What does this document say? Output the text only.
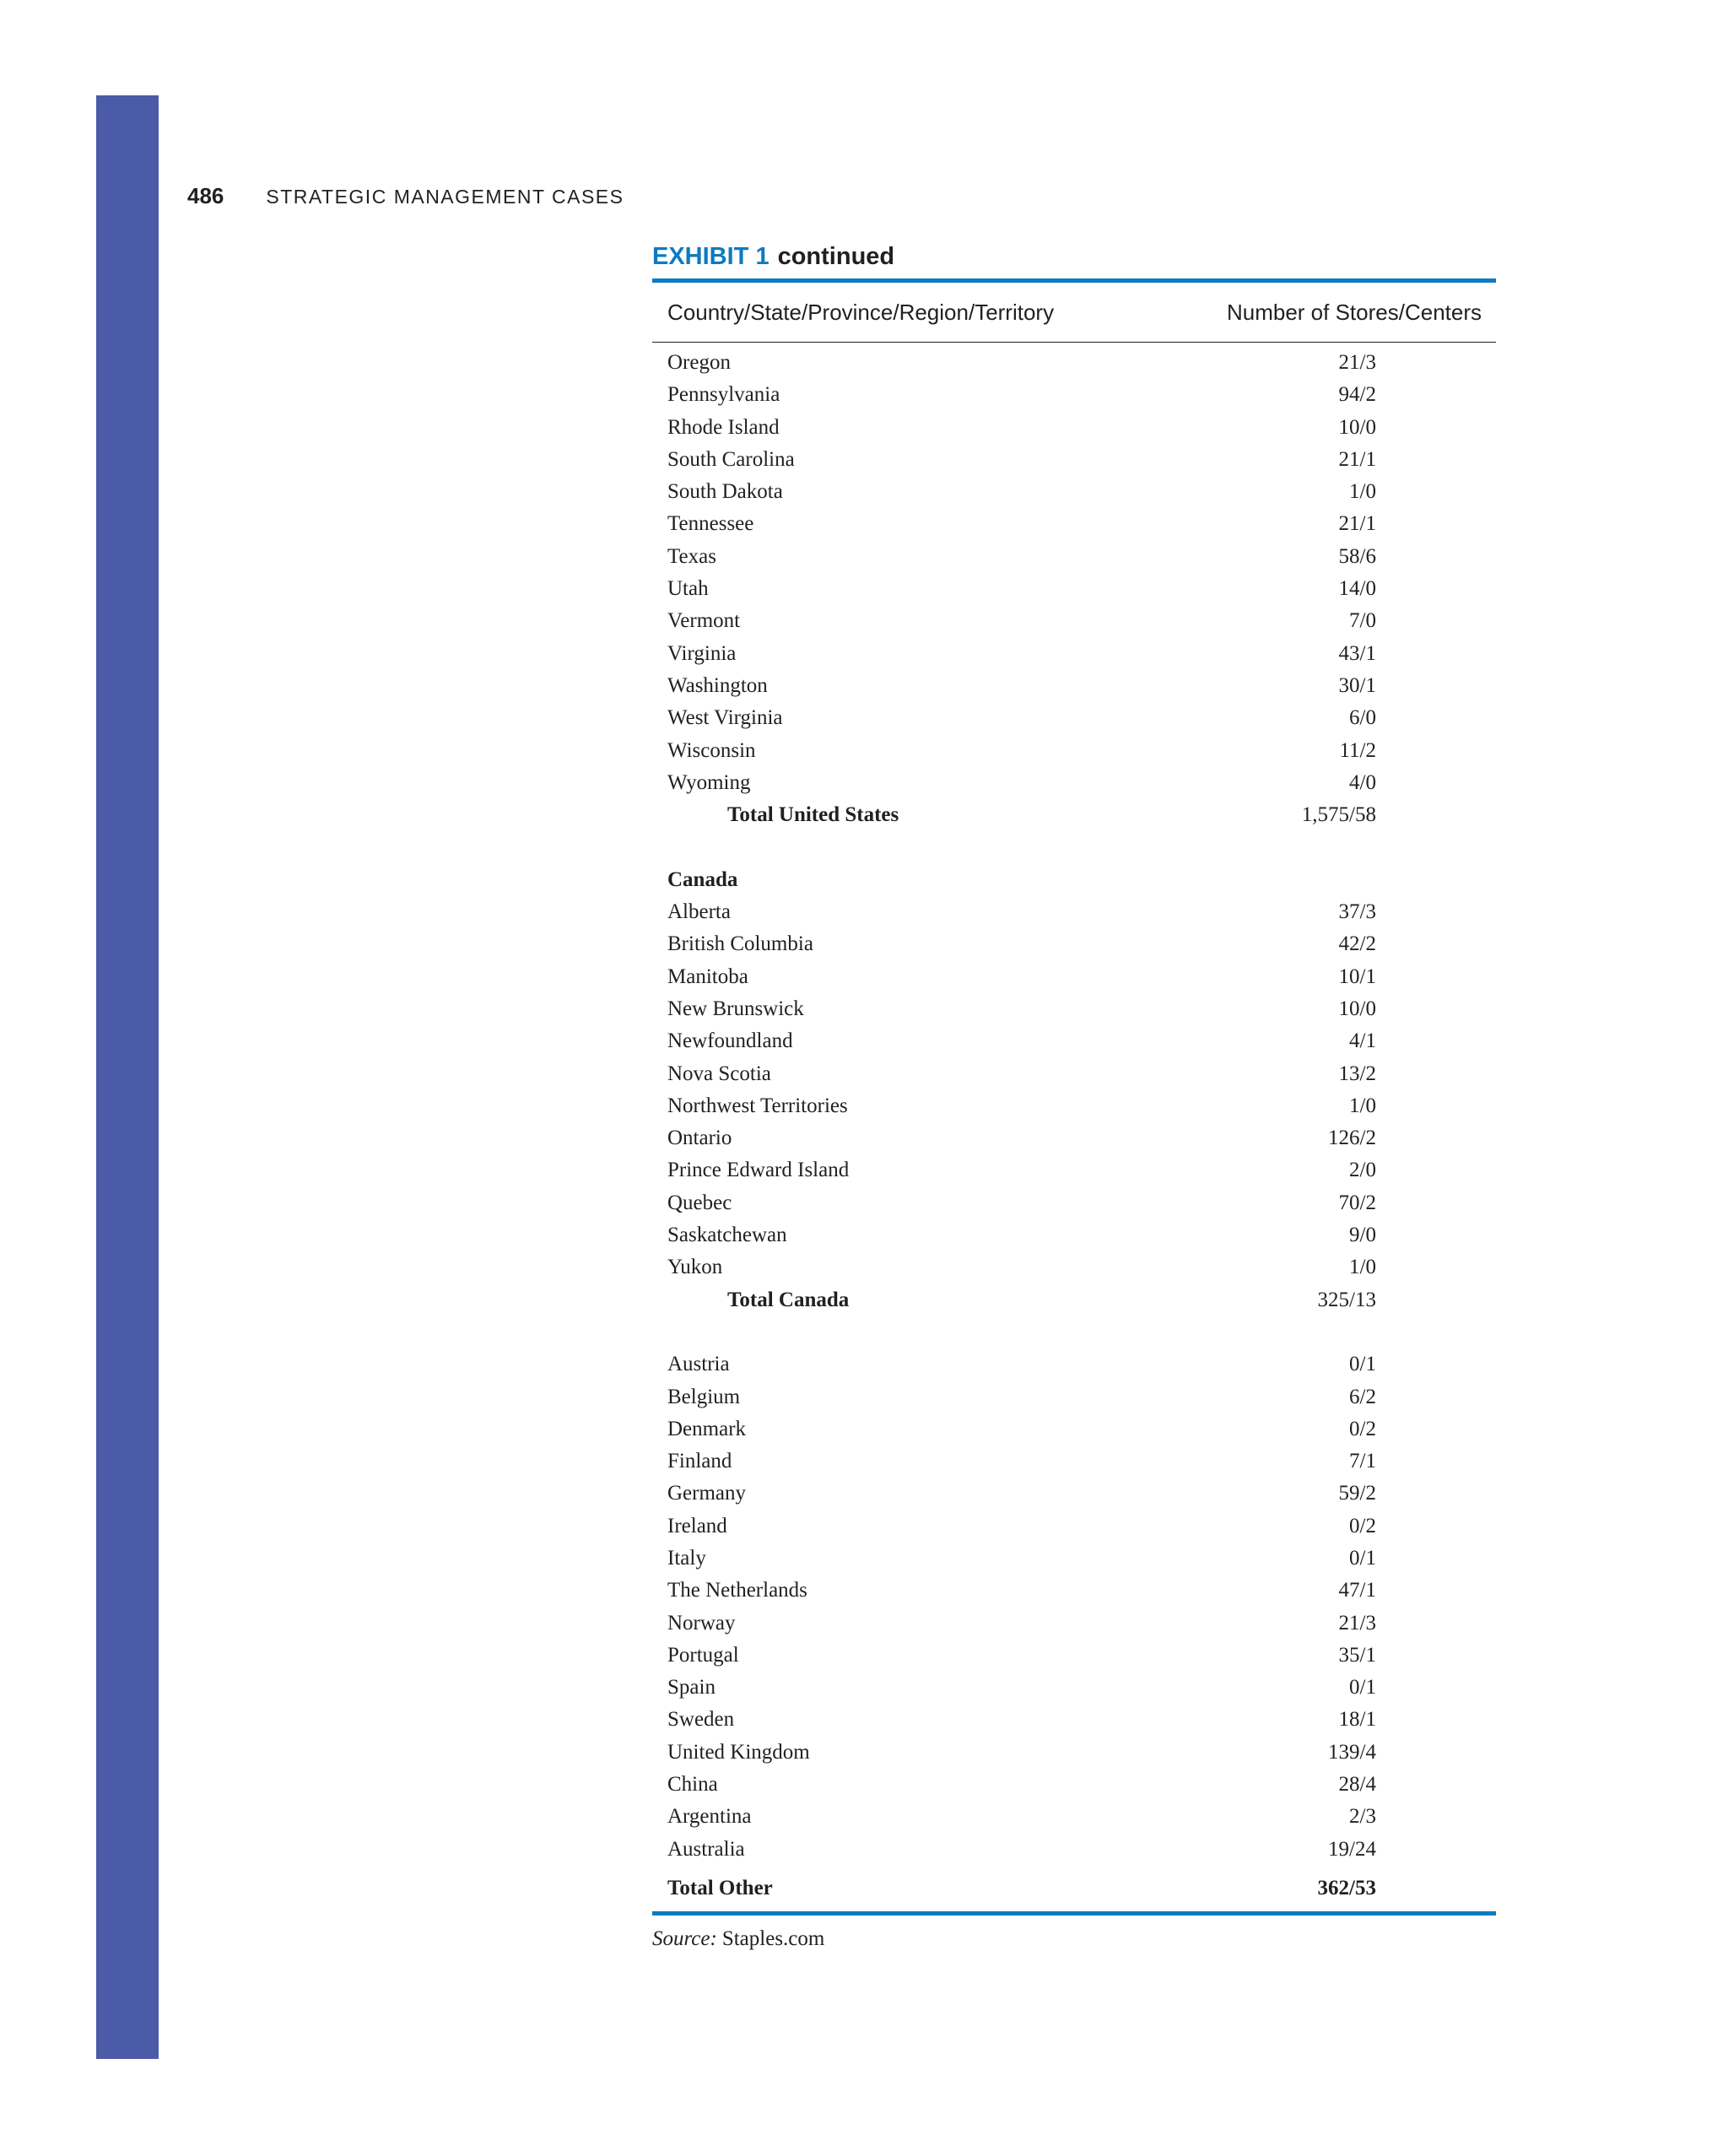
486 STRATEGIC MANAGEMENT CASES
EXHIBIT 1 continued
Country/State/Province/Region/Territory	Number of Stores/Centers
Oregon	21/3
Pennsylvania	94/2
Rhode Island	10/0
South Carolina	21/1
South Dakota	1/0
Tennessee	21/1
Texas	58/6
Utah	14/0
Vermont	7/0
Virginia	43/1
Washington	30/1
West Virginia	6/0
Wisconsin	11/2
Wyoming	4/0
Total United States	1,575/58
Canada
Alberta	37/3
British Columbia	42/2
Manitoba	10/1
New Brunswick	10/0
Newfoundland	4/1
Nova Scotia	13/2
Northwest Territories	1/0
Ontario	126/2
Prince Edward Island	2/0
Quebec	70/2
Saskatchewan	9/0
Yukon	1/0
Total Canada	325/13
Austria	0/1
Belgium	6/2
Denmark	0/2
Finland	7/1
Germany	59/2
Ireland	0/2
Italy	0/1
The Netherlands	47/1
Norway	21/3
Portugal	35/1
Spain	0/1
Sweden	18/1
United Kingdom	139/4
China	28/4
Argentina	2/3
Australia	19/24
Total Other	362/53
Source: Staples.com
